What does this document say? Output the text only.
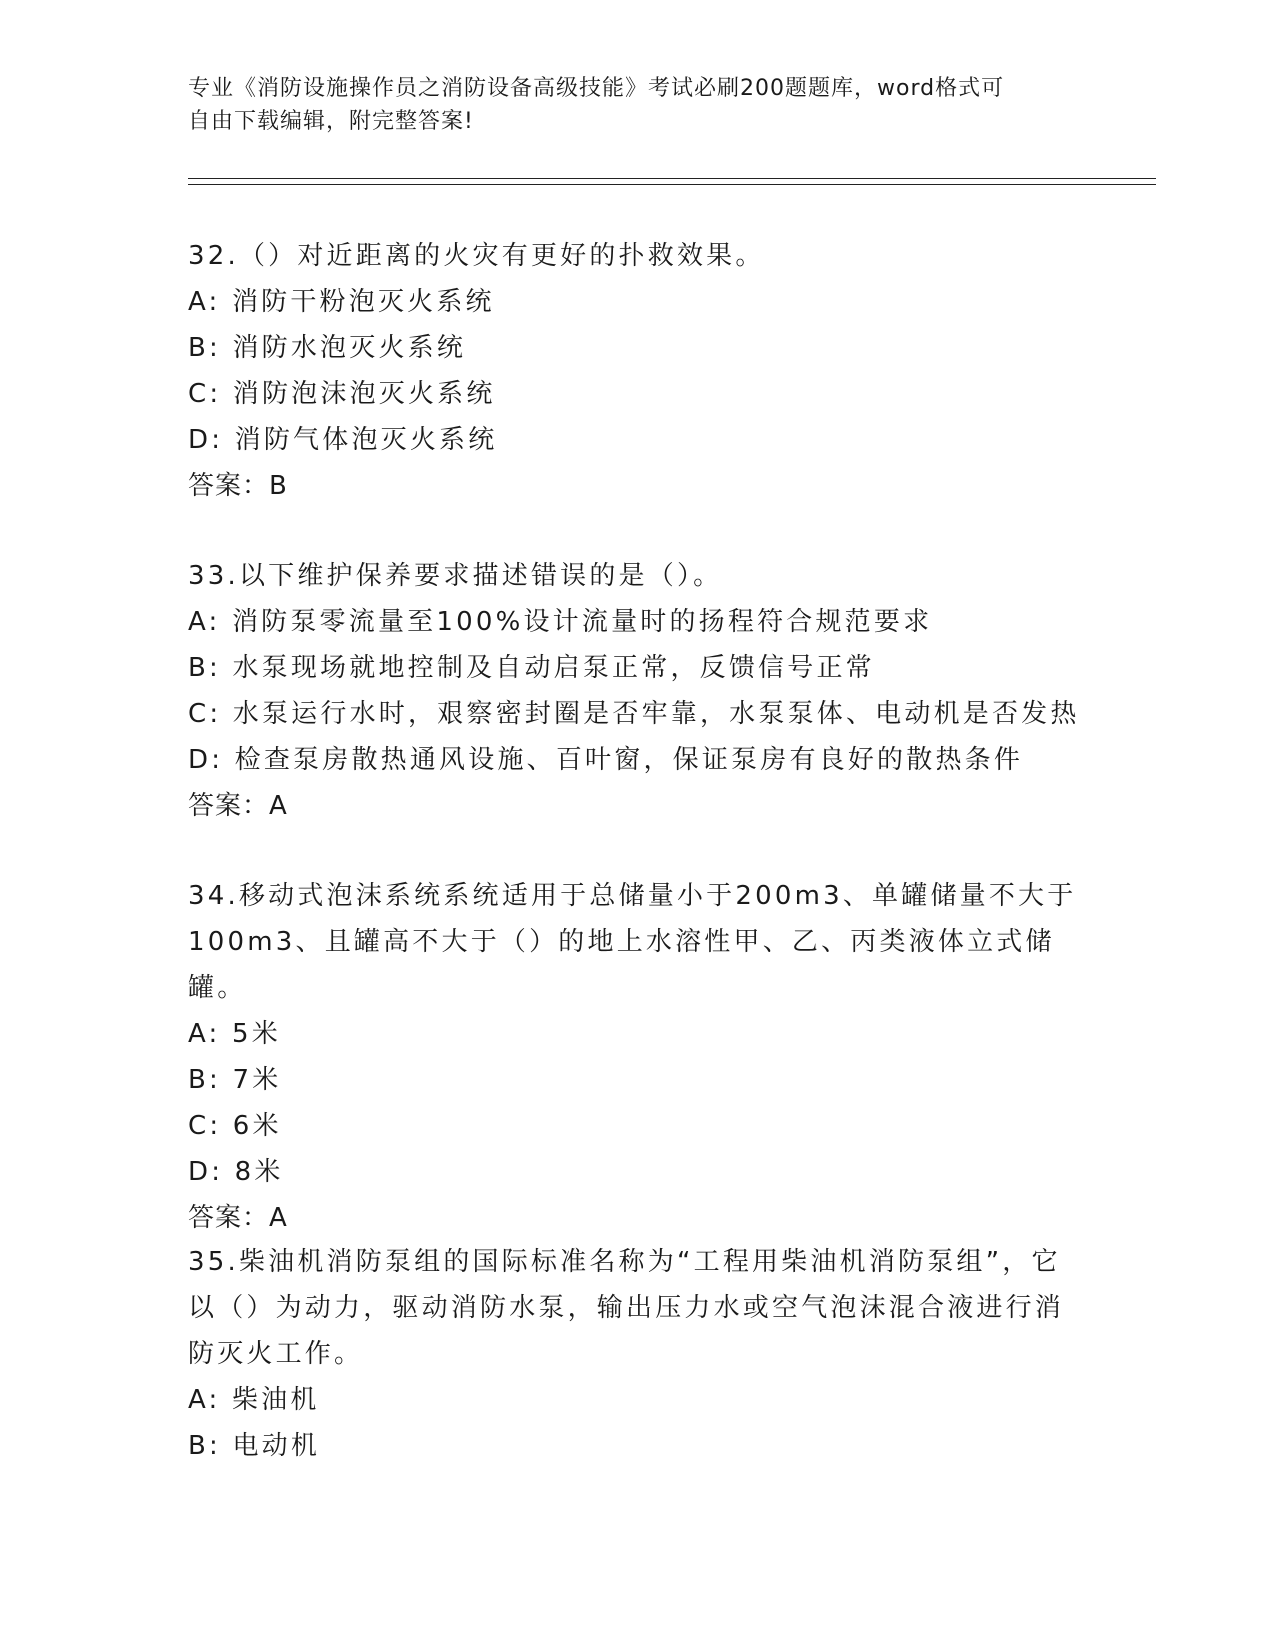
专业《消防设施操作员之消防设备高级技能》考试必刷200题题库，word格式可
自由下载编辑，附完整答案!
32.（）对近距离的火灾有更好的扑救效果。
A: 消防干粉泡灭火系统
B: 消防水泡灭火系统
C: 消防泡沫泡灭火系统
D: 消防气体泡灭火系统
答案：B
33.以下维护保养要求描述错误的是（）。
A: 消防泵零流量至100%设计流量时的扬程符合规范要求
B: 水泵现场就地控制及自动启泵正常，反馈信号正常
C: 水泵运行水时，艰察密封圈是否牢靠，水泵泵体、电动机是否发热
D: 检查泵房散热通风设施、百叶窗，保证泵房有良好的散热条件
答案：A
34.移动式泡沫系统系统适用于总储量小于200m3、单罐储量不大于100m3、且罐高不大于（）的地上水溶性甲、乙、丙类液体立式储罐。
A: 5米
B: 7米
C: 6米
D: 8米
答案：A
35.柴油机消防泵组的国际标准名称为“工程用柴油机消防泵组”，它以（）为动力，驱动消防水泵，输出压力水或空气泡沫混合液进行消防灭火工作。
A: 柴油机
B: 电动机
